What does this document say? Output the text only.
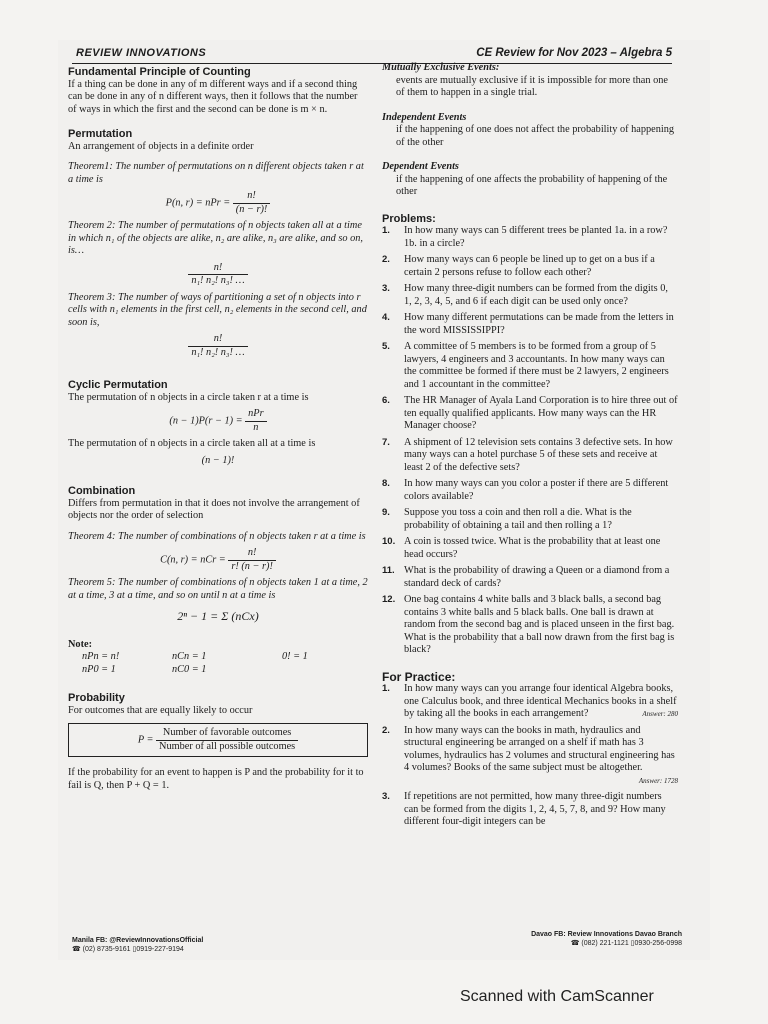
REVIEW INNOVATIONS	CE Review for Nov 2023 – Algebra 5

Fundamental Principle of Counting

If a thing can be done in any of m different ways and if a second thing can be done in any of n different ways, then it follows that the number of ways in which the first and the second can be done is m × n.

Permutation

An arrangement of objects in a definite order

Theorem1: The number of permutations on n different objects taken r at a time is

P(n, r) = nPr = $\frac{n!}{(n - r)!}$

Theorem 2: The number of permutations of n objects taken all at a time in which n₁ of the objects are alike, n₂ are alike, n₃ are alike, and so on, is…

$\frac{n!}{\text{n₁! n₂! n₃! …}}$

Theorem 3: The number of ways of partitioning a set of n objects into r cells with n₁ elements in the first cell, n₂ elements in the second cell, and soon is,

$\frac{n!}{\text{n₁! n₂! n₃! …}}$

Cyclic Permutation

The permutation of n objects in a circle taken r at a time is

$(n - 1)P(r - 1) = \frac{\text{nPr}}{n}$

The permutation of n objects in a circle taken all at a time is

(n − 1)!

Combination

Differs from permutation in that it does not involve the arrangement of objects nor the order of selection

Theorem 4: The number of combinations of n objects taken r at a time is

C(n, r) = nCr = $\frac{n!}{r! (n - r)!}$

Theorem 5: The number of combinations of n objects taken 1 at a time, 2 at a time, 3 at a time, and so on until n at a time is

2ⁿ − 1 = Σ (nCx)

Note:

nPn = n!	nCn = 1	0! = 1
nP0 = 1	nC0 = 1

Probability

For outcomes that are equally likely to occur

$P = \frac{\text{Number of favorable outcomes}}{\text{Number of all possible outcomes}}$

If the probability for an event to happen is P and the probability for it to fail is Q, then P + Q = 1.

Mutually Exclusive Events:

events are mutually exclusive if it is impossible for more than one of them to happen in a single trial.

Independent Events

if the happening of one does not affect the probability of happening of the other

Dependent Events

if the happening of one affects the probability of happening of the other

Problems:

1.	In how many ways can 5 different trees be planted 1a. in a row? 1b. in a circle?
2.	How many ways can 6 people be lined up to get on a bus if a certain 2 persons refuse to follow each other?
3.	How many three-digit numbers can be formed from the digits 0, 1, 2, 3, 4, 5, and 6 if each digit can be used only once?
4.	How many different permutations can be made from the letters in the word MISSISSIPPI?
5.	A committee of 5 members is to be formed from a group of 5 lawyers, 4 engineers and 3 accountants. In how many ways can the committee be formed if there must be 2 lawyers, 2 engineers and 1 accountant in the committee?
6.	The HR Manager of Ayala Land Corporation is to hire three out of ten equally qualified applicants. How many ways can the HR Manager choose?
7.	A shipment of 12 television sets contains 3 defective sets. In how many ways can a hotel purchase 5 of these sets and receive at least 2 of the defective sets?
8.	In how many ways can you color a poster if there are 5 different colors available?
9.	Suppose you toss a coin and then roll a die. What is the probability of obtaining a tail and then rolling a 1?
10. A coin is tossed twice. What is the probability that at least one head occurs?
11. What is the probability of drawing a Queen or a diamond from a standard deck of cards?
12. One bag contains 4 white balls and 3 black balls, a second bag contains 3 white balls and 5 black balls. One ball is drawn at random from the second bag and is placed unseen in the first bag. What is the probability that a ball now drawn from the first bag is black?

For Practice:

1.	In how many ways can you arrange four identical Algebra books, one Calculus book, and three identical Mechanics books in a shelf by taking all the books in each arrangement?	Answer: 280
2.	In how many ways can the books in math, hydraulics and structural engineering be arranged on a shelf if math has 3 volumes, hydraulics has 2 volumes and structural engineering has 4 volumes? Books of the same subject must be altogether.
Answer: 1728
3.	If repetitions are not permitted, how many three-digit numbers can be formed from the digits 1, 2, 4, 5, 7, 8, and 9? How many different four-digit integers can be
Manila FB: @ReviewInnovationsOfficial
☎ (02) 8735-9161 ▯0919-227-9194
Davao FB: Review Innovations Davao Branch
☎ (082) 221-1121 ▯0930-256-0998
Scanned with CamScanner
